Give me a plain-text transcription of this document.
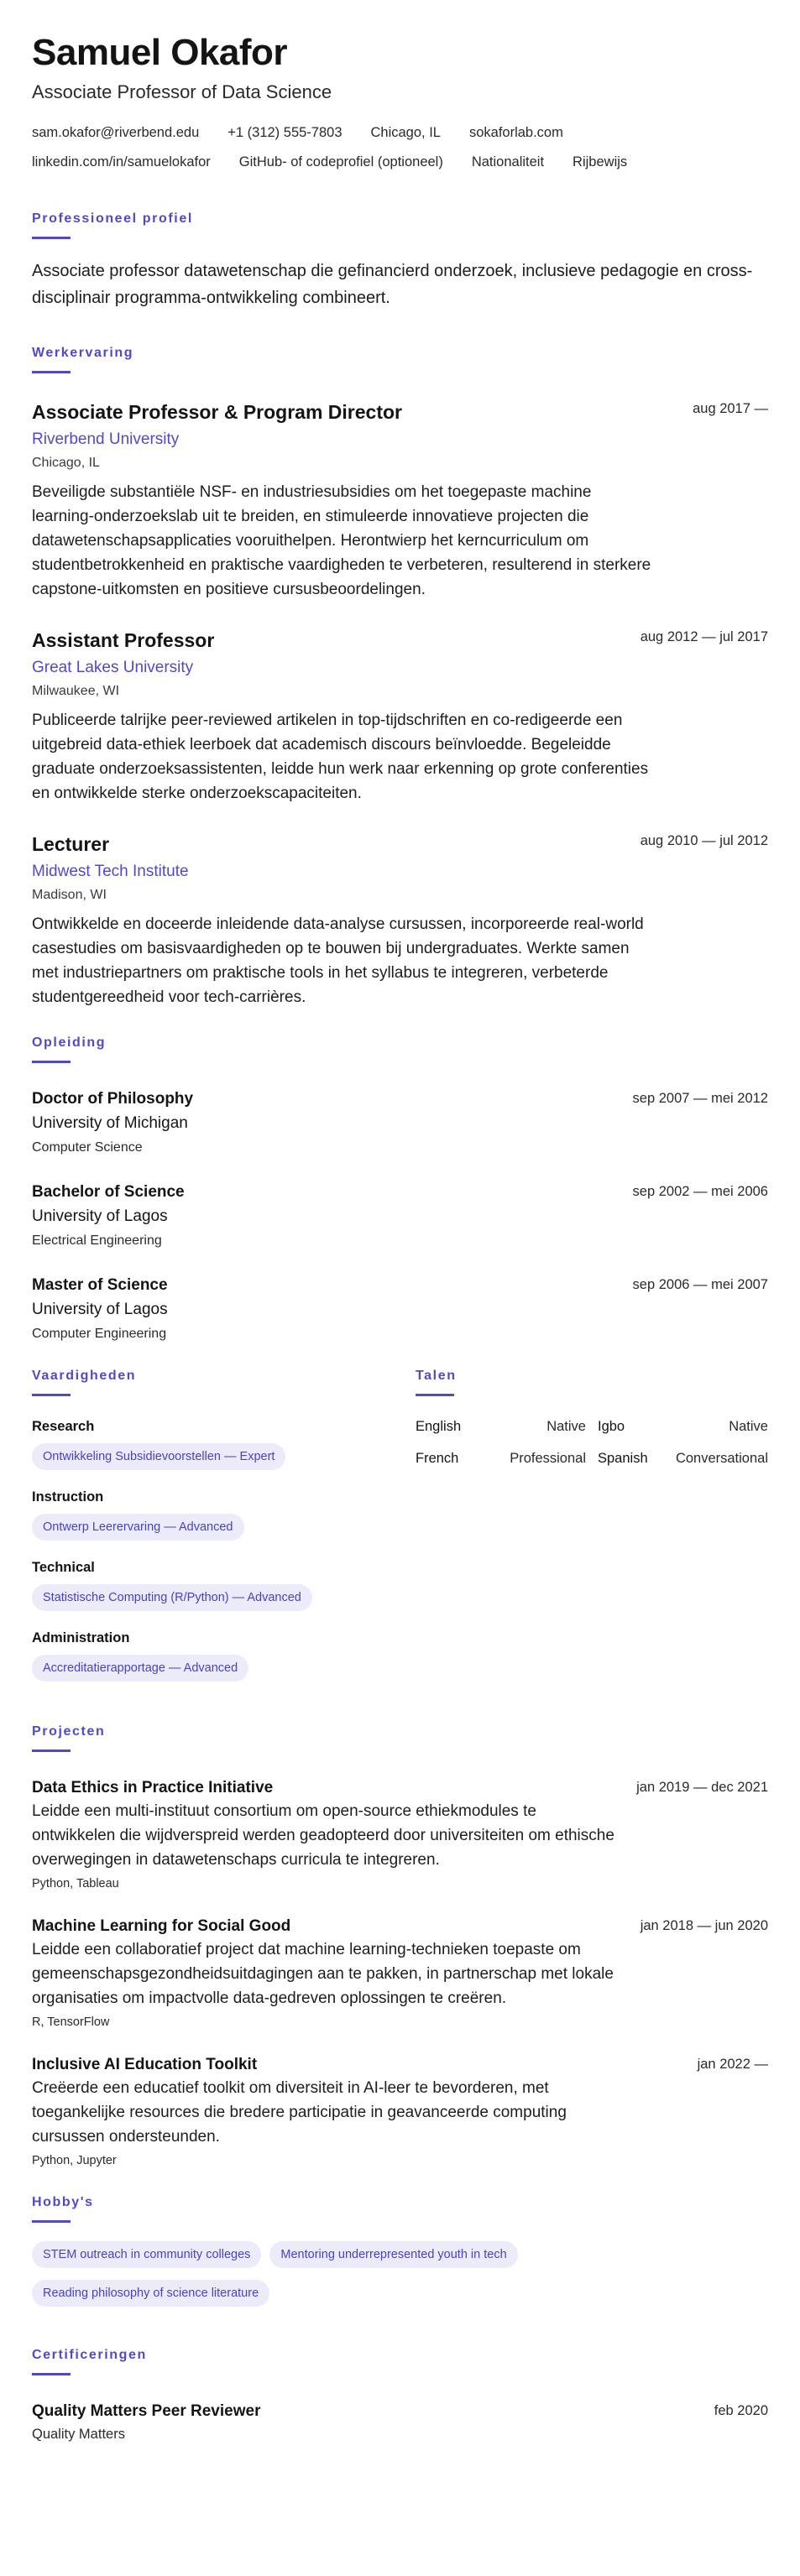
Samuel Okafor
Associate Professor of Data Science
sam.okafor@riverbend.edu +1 (312) 555-7803 Chicago, IL sokaforlab.com
linkedin.com/in/samuelokafor GitHub- of codeprofiel (optioneel) Nationaliteit Rijbewijs
Professioneel profiel

Associate professor datawetenschap die gefinancierd onderzoek, inclusieve pedagogie en cross-disciplinair programma-ontwikkeling combineert.

Werkervaring
Associate Professor & Program Director	aug 2017 —
Riverbend University
Chicago, IL
Beveiligde substantiële NSF- en industriesubsidies om het toegepaste machine learning-onderzoekslab uit te breiden, en stimuleerde innovatieve projecten die datawetenschapsapplicaties vooruithelpen. Herontwierp het kerncurriculum om studentbetrokkenheid en praktische vaardigheden te verbeteren, resulterend in sterkere capstone-uitkomsten en positieve cursusbeoordelingen.
Assistant Professor	aug 2012 — jul 2017
Great Lakes University
Milwaukee, WI
Publiceerde talrijke peer-reviewed artikelen in top-tijdschriften en co-redigeerde een uitgebreid data-ethiek leerboek dat academisch discours beïnvloedde. Begeleidde graduate onderzoeksassistenten, leidde hun werk naar erkenning op grote conferenties en ontwikkelde sterke onderzoekscapaciteiten.
Lecturer	aug 2010 — jul 2012
Midwest Tech Institute
Madison, WI
Ontwikkelde en doceerde inleidende data-analyse cursussen, incorporeerde real-world casestudies om basisvaardigheden op te bouwen bij undergraduates. Werkte samen met industriepartners om praktische tools in het syllabus te integreren, verbeterde studentgereedheid voor tech-carrières.
Opleiding
Doctor of Philosophy	sep 2007 — mei 2012
University of Michigan
Computer Science
Bachelor of Science	sep 2002 — mei 2006
University of Lagos
Electrical Engineering
Master of Science	sep 2006 — mei 2007
University of Lagos
Computer Engineering
Vaardigheden
Research
Ontwikkeling Subsidievoorstellen — Expert
Instruction
Ontwerp Leerervaring — Advanced
Technical
Statistische Computing (R/Python) — Advanced
Administration
Accreditatierapportage — Advanced
Talen
English	Native Igbo	Native
French	Professional Spanish Conversational
Projecten
Data Ethics in Practice Initiative	jan 2019 — dec 2021
Leidde een multi-instituut consortium om open-source ethiekmodules te ontwikkelen die wijdverspreid werden geadopteerd door universiteiten om ethische overwegingen in datawetenschaps curricula te integreren.
Python, Tableau
Machine Learning for Social Good	jan 2018 — jun 2020
Leidde een collaboratief project dat machine learning-technieken toepaste om gemeenschapsgezondheidsuitdagingen aan te pakken, in partnerschap met lokale organisaties om impactvolle data-gedreven oplossingen te creëren.
R, TensorFlow
Inclusive AI Education Toolkit	jan 2022 —
Creëerde een educatief toolkit om diversiteit in AI-leer te bevorderen, met toegankelijke resources die bredere participatie in geavanceerde computing cursussen ondersteunden.
Python, Jupyter
Hobby's
STEM outreach in community colleges Mentoring underrepresented youth in tech
Reading philosophy of science literature
Certificeringen
Quality Matters Peer Reviewer	feb 2020
Quality Matters
